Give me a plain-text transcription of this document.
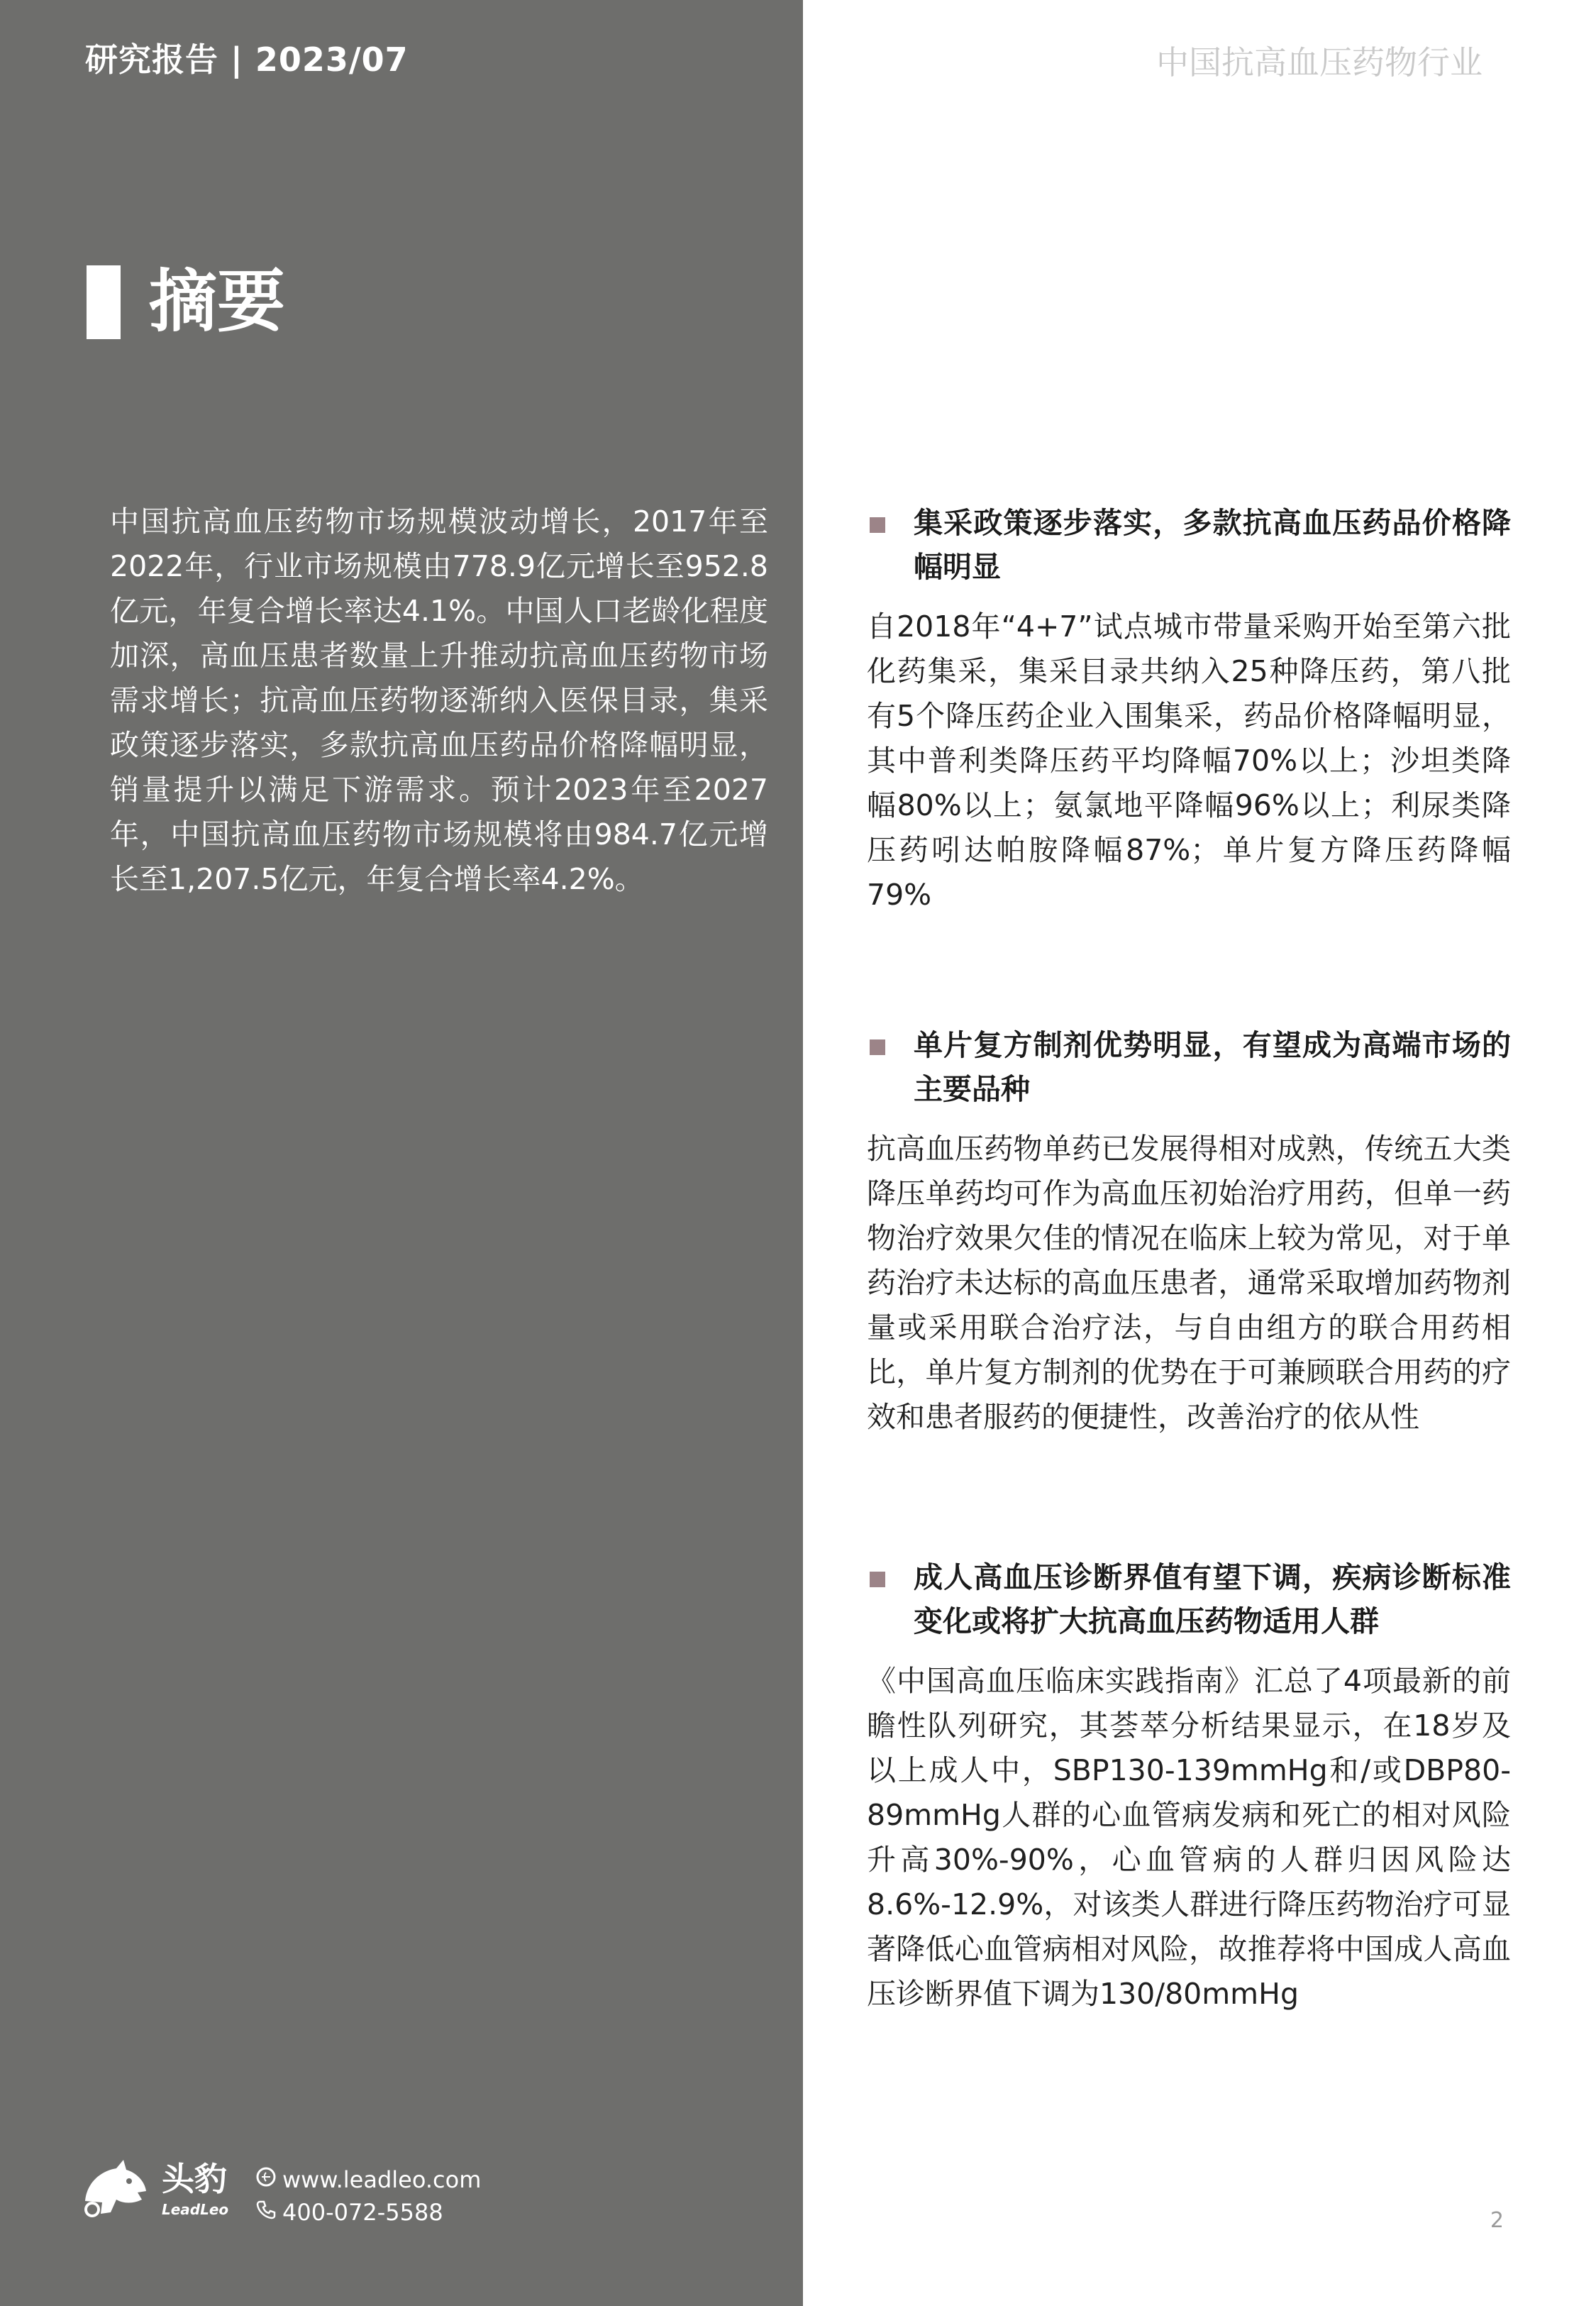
研究报告 | 2023/07	中国抗高血压药物行业
摘要

中国抗高血压药物市场规模波动增长，2017年至2022年，行业市场规模由778.9亿元增长至952.8亿元，年复合增长率达4.1%。中国人口老龄化程度加深，高血压患者数量上升推动抗高血压药物市场需求增长；抗高血压药物逐渐纳入医保目录，集采政策逐步落实，多款抗高血压药品价格降幅明显，销量提升以满足下游需求。预计2023年至2027年，中国抗高血压药物市场规模将由984.7亿元增长至1,207.5亿元，年复合增长率4.2%。

集采政策逐步落实，多款抗高血压药品价格降幅明显

自2018年“4+7”试点城市带量采购开始至第六批化药集采，集采目录共纳入25种降压药，第八批有5个降压药企业入围集采，药品价格降幅明显，其中普利类降压药平均降幅70%以上；沙坦类降幅80%以上；氨氯地平降幅96%以上；利尿类降压药吲达帕胺降幅87%；单片复方降压药降幅79%

单片复方制剂优势明显，有望成为高端市场的主要品种

抗高血压药物单药已发展得相对成熟，传统五大类降压单药均可作为高血压初始治疗用药，但单一药物治疗效果欠佳的情况在临床上较为常见，对于单药治疗未达标的高血压患者，通常采取增加药物剂量或采用联合治疗法，与自由组方的联合用药相比，单片复方制剂的优势在于可兼顾联合用药的疗效和患者服药的便捷性，改善治疗的依从性

成人高血压诊断界值有望下调，疾病诊断标准变化或将扩大抗高血压药物适用人群

《中国高血压临床实践指南》汇总了4项最新的前瞻性队列研究，其荟萃分析结果显示，在18岁及以上成人中，SBP130-139mmHg和/或DBP80-89mmHg人群的心血管病发病和死亡的相对风险升高30%-90%，心血管病的人群归因风险达8.6%-12.9%，对该类人群进行降压药物治疗可显著降低心血管病相对风险，故推荐将中国成人高血压诊断界值下调为130/80mmHg

头豹
LeadLeo
www.leadleo.com
400-072-5588	2
